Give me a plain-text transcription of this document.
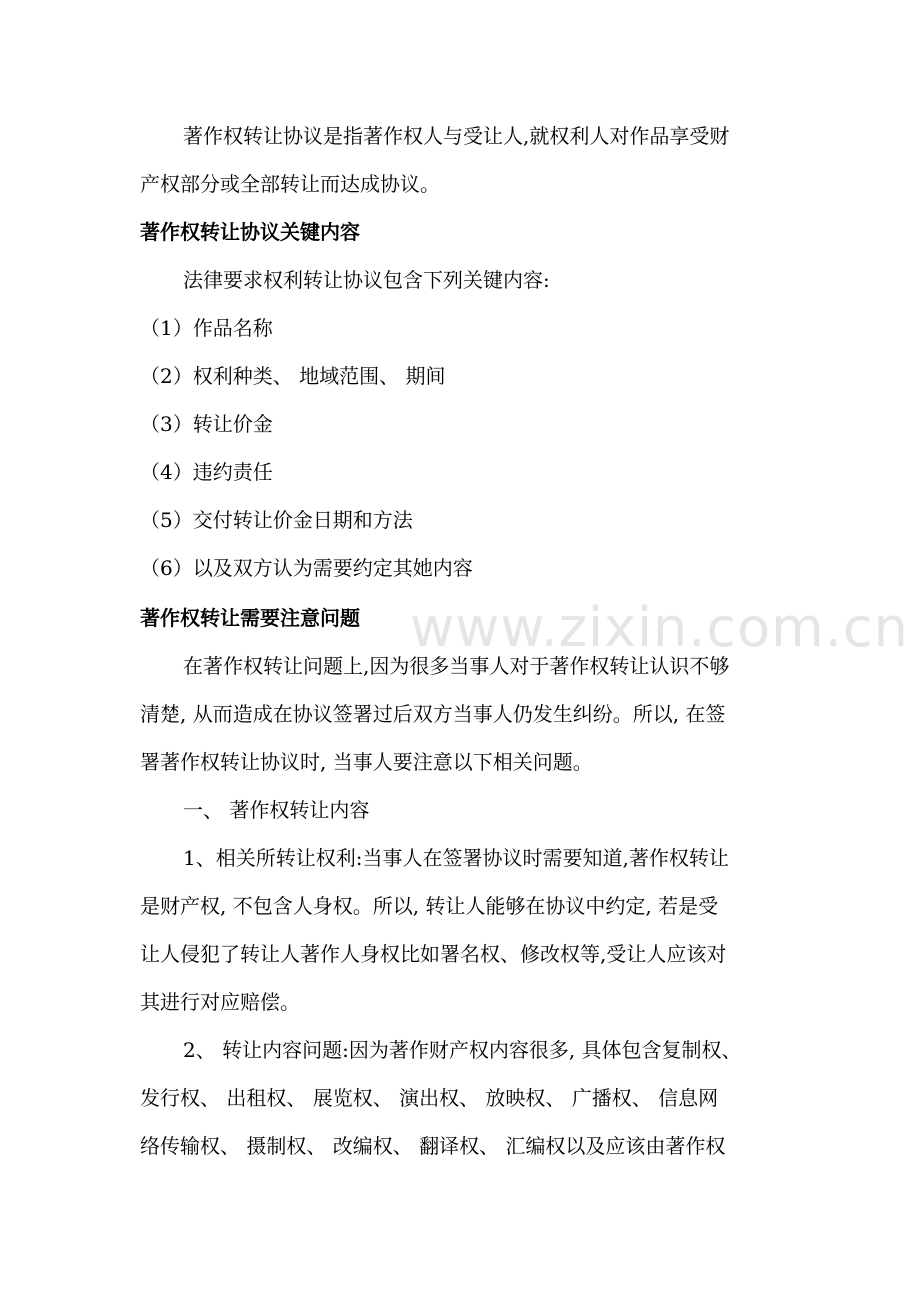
www.zixin.com.cn
著作权转让协议是指著作权人与受让人,就权利人对作品享受财
产权部分或全部转让而达成协议。
著作权转让协议关键内容
法律要求权利转让协议包含下列关键内容:
（1）作品名称
（2）权利种类、 地域范围、 期间
（3）转让价金
（4）违约责任
（5）交付转让价金日期和方法
（6）以及双方认为需要约定其她内容
著作权转让需要注意问题
在著作权转让问题上,因为很多当事人对于著作权转让认识不够
清楚, 从而造成在协议签署过后双方当事人仍发生纠纷。所以, 在签
署著作权转让协议时, 当事人要注意以下相关问题。
一、 著作权转让内容
1、相关所转让权利:当事人在签署协议时需要知道,著作权转让
是财产权, 不包含人身权。所以, 转让人能够在协议中约定, 若是受
让人侵犯了转让人著作人身权比如署名权、修改权等,受让人应该对
其进行对应赔偿。
2、 转让内容问题:因为著作财产权内容很多, 具体包含复制权、
发行权、 出租权、 展览权、 演出权、 放映权、 广播权、 信息网
络传输权、 摄制权、 改编权、 翻译权、 汇编权以及应该由著作权
